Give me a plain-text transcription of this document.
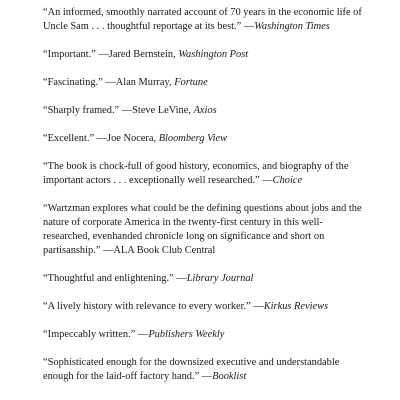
“An informed, smoothly narrated account of 70 years in the economic life of Uncle Sam . . . thoughtful reportage at its best.” —Washington Times

“Important.” —Jared Bernstein, Washington Post

“Fascinating.” —Alan Murray, Fortune

“Sharply framed.” —Steve LeVine, Axios

“Excellent.” —Joe Nocera, Bloomberg View

“The book is chock-full of good history, economics, and biography of the important actors . . . exceptionally well researched.” —Choice

“Wartzman explores what could be the defining questions about jobs and the nature of corporate America in the twenty-first century in this well-researched, evenhanded chronicle long on significance and short on partisanship.” —ALA Book Club Central

“Thoughtful and enlightening.” —Library Journal

“A lively history with relevance to every worker.” —Kirkus Reviews

“Impeccably written.” —Publishers Weekly

“Sophisticated enough for the downsized executive and understandable enough for the laid-off factory hand.” —Booklist
